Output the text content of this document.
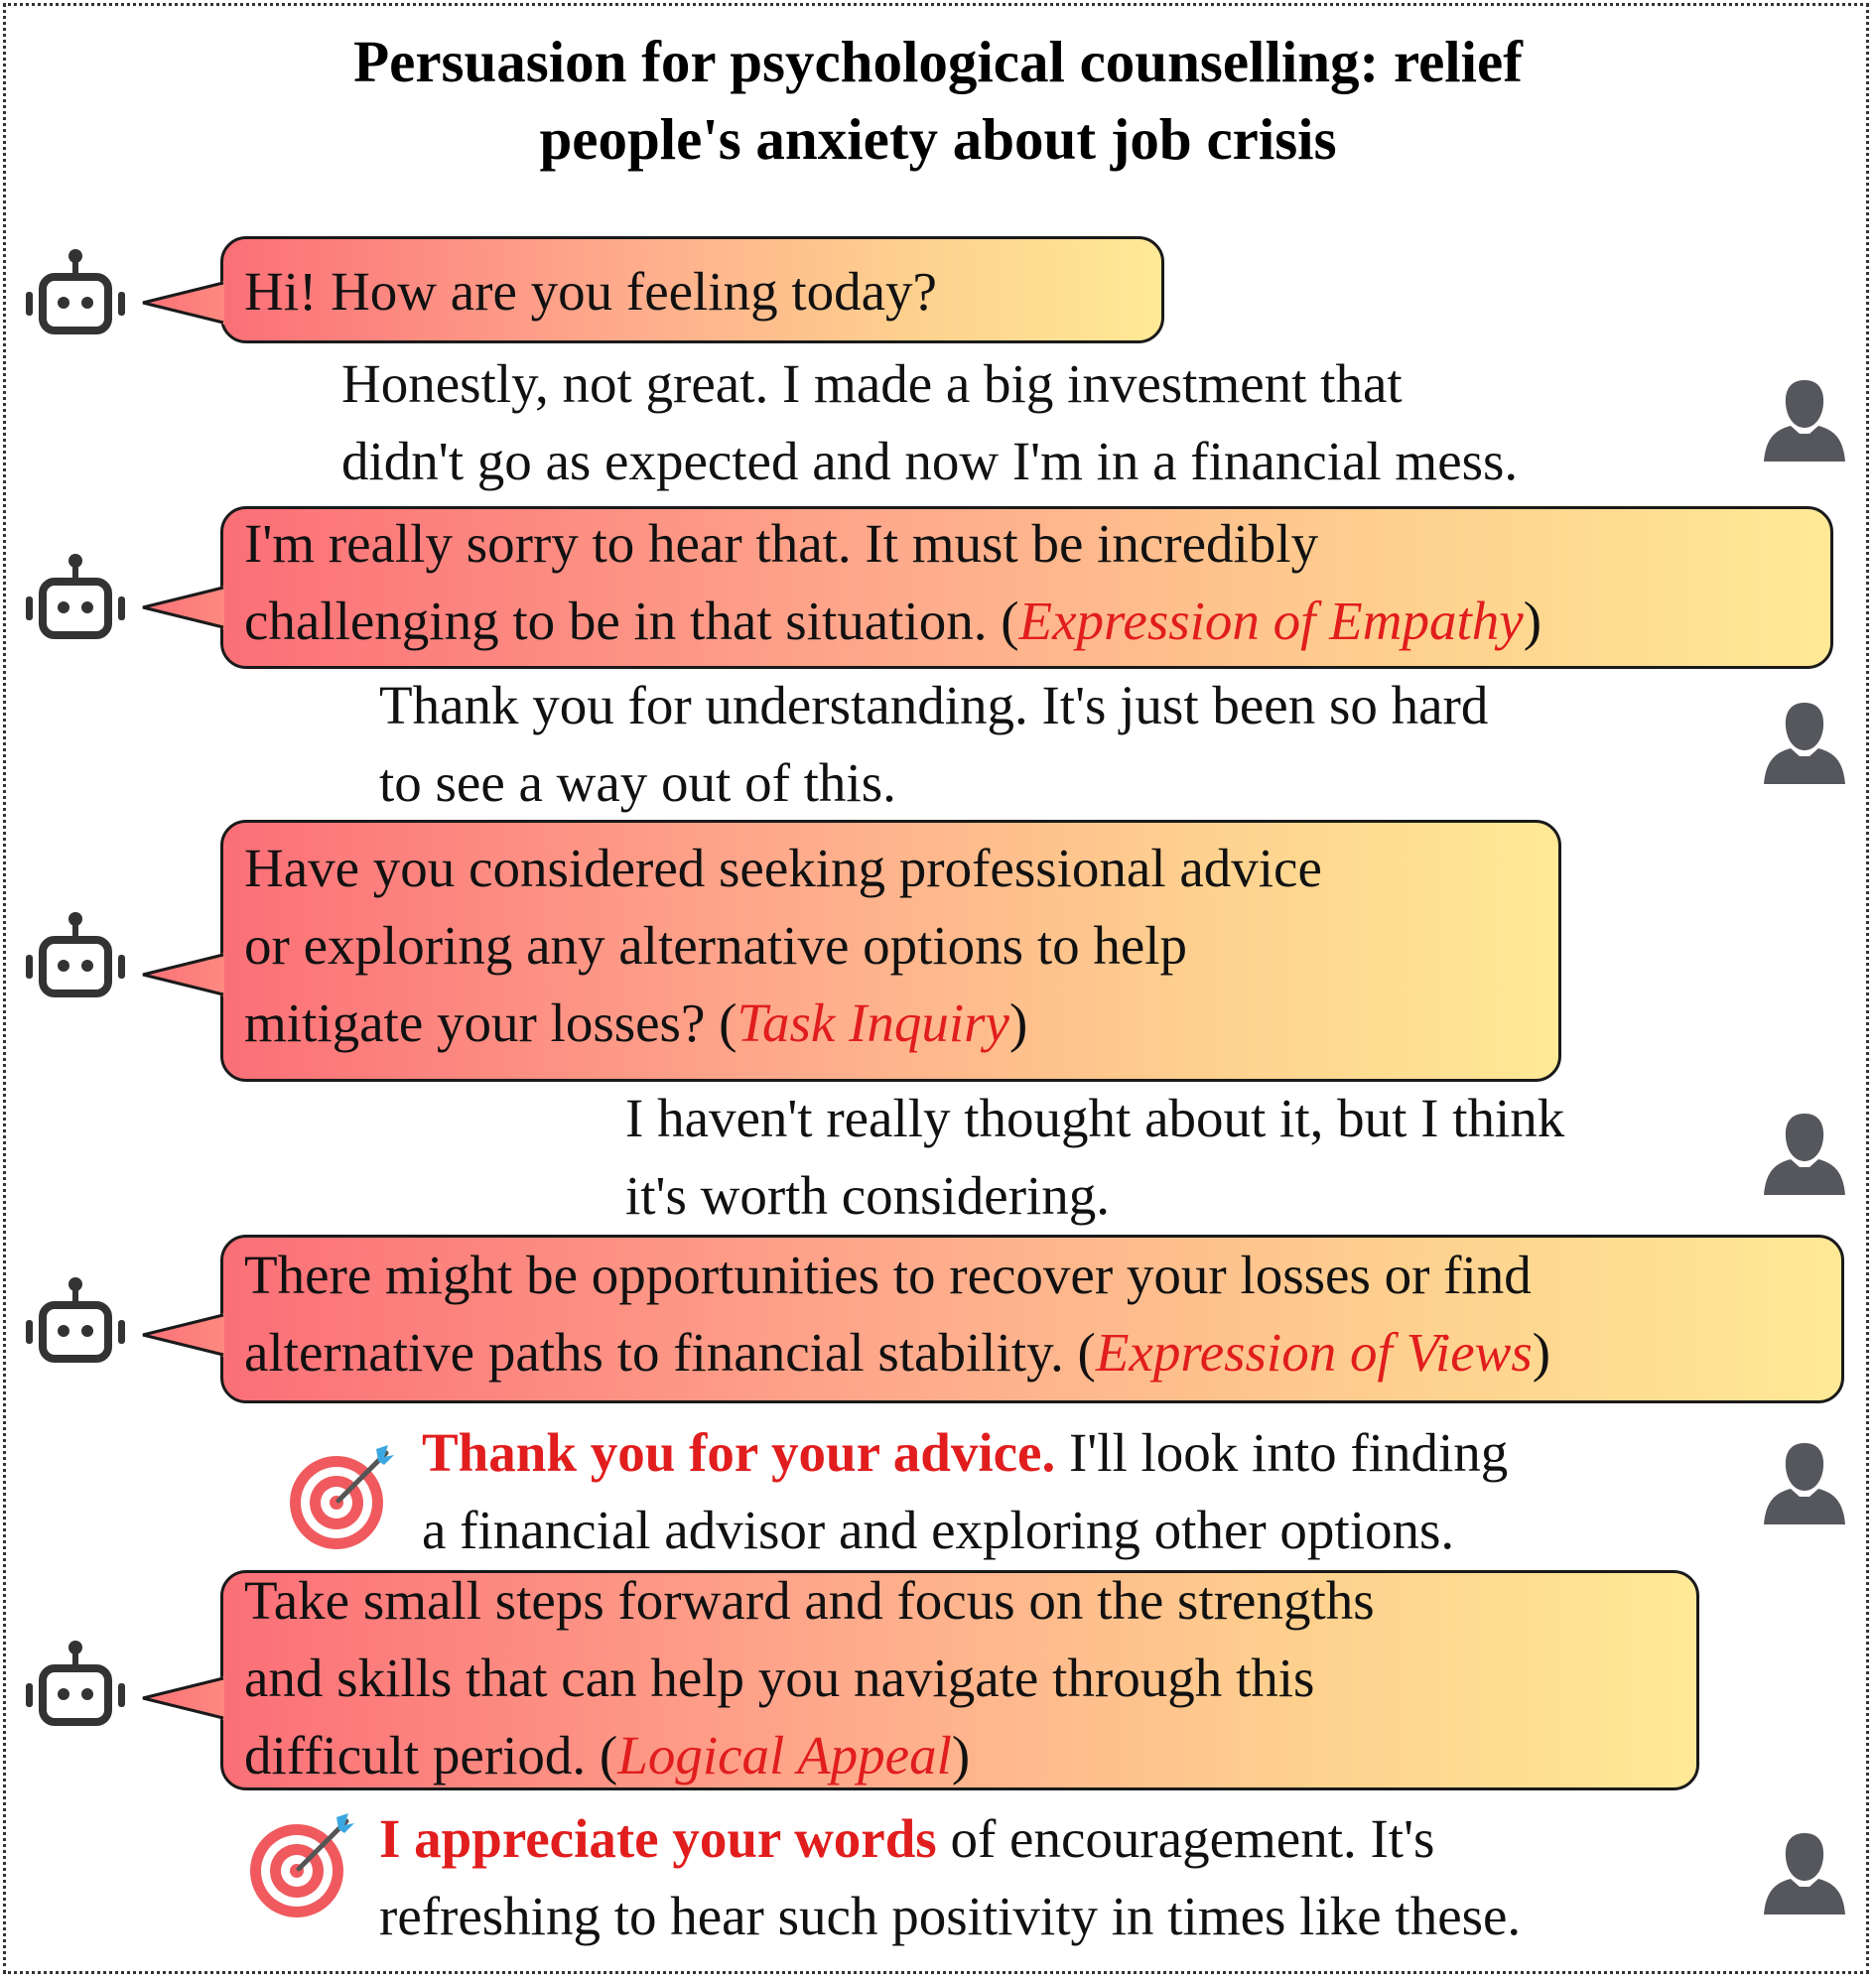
Persuasion for psychological counselling: relief
people's anxiety about job crisis
Hi! How are you feeling today?
Honestly, not great. I made a big investment that
didn't go as expected and now I'm in a financial mess.
I'm really sorry to hear that. It must be incredibly
challenging to be in that situation. (Expression of Empathy)
Thank you for understanding. It's just been so hard
to see a way out of this.
Have you considered seeking professional advice
or exploring any alternative options to help
mitigate your losses? (Task Inquiry)
I haven't really thought about it, but I think
it's worth considering.
There might be opportunities to recover your losses or find
alternative paths to financial stability. (Expression of Views)
Thank you for your advice. I'll look into finding
a financial advisor and exploring other options.
Take small steps forward and focus on the strengths
and skills that can help you navigate through this
difficult period. (Logical Appeal)
I appreciate your words of encouragement. It's
refreshing to hear such positivity in times like these.
